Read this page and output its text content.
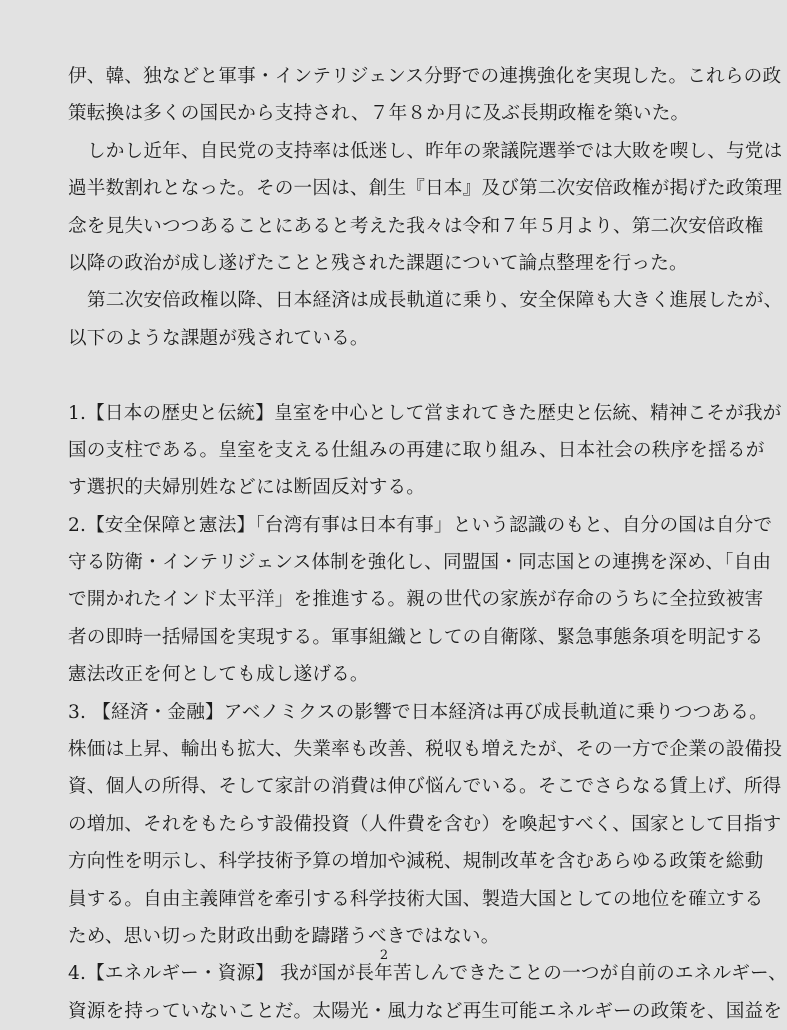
伊、韓、独などと軍事・インテリジェンス分野での連携強化を実現した。これらの政
策転換は多くの国民から支持され、７年８か月に及ぶ長期政権を築いた。
しかし近年、自民党の支持率は低迷し、昨年の衆議院選挙では大敗を喫し、与党は
過半数割れとなった。その一因は、創生『日本』及び第二次安倍政権が掲げた政策理
念を見失いつつあることにあると考えた我々は令和７年５月より、第二次安倍政権
以降の政治が成し遂げたことと残された課題について論点整理を行った。
第二次安倍政権以降、日本経済は成長軌道に乗り、安全保障も大きく進展したが、
以下のような課題が残されている。
1.【日本の歴史と伝統】皇室を中心として営まれてきた歴史と伝統、精神こそが我が
国の支柱である。皇室を支える仕組みの再建に取り組み、日本社会の秩序を揺るが
す選択的夫婦別姓などには断固反対する。
2.【安全保障と憲法】「台湾有事は日本有事」という認識のもと、自分の国は自分で
守る防衛・インテリジェンス体制を強化し、同盟国・同志国との連携を深め、「自由
で開かれたインド太平洋」を推進する。親の世代の家族が存命のうちに全拉致被害
者の即時一括帰国を実現する。軍事組織としての自衛隊、緊急事態条項を明記する
憲法改正を何としても成し遂げる。
3. 【経済・金融】アベノミクスの影響で日本経済は再び成長軌道に乗りつつある。
株価は上昇、輸出も拡大、失業率も改善、税収も増えたが、その一方で企業の設備投
資、個人の所得、そして家計の消費は伸び悩んでいる。そこでさらなる賃上げ、所得
の増加、それをもたらす設備投資（人件費を含む）を喚起すべく、国家として目指す
方向性を明示し、科学技術予算の増加や減税、規制改革を含むあらゆる政策を総動
員する。自由主義陣営を牽引する科学技術大国、製造大国としての地位を確立する
ため、思い切った財政出動を躊躇うべきではない。
4.【エネルギー・資源】 我が国が長年苦しんできたことの一つが自前のエネルギー、
資源を持っていないことだ。太陽光・風力など再生可能エネルギーの政策を、国益を
2
